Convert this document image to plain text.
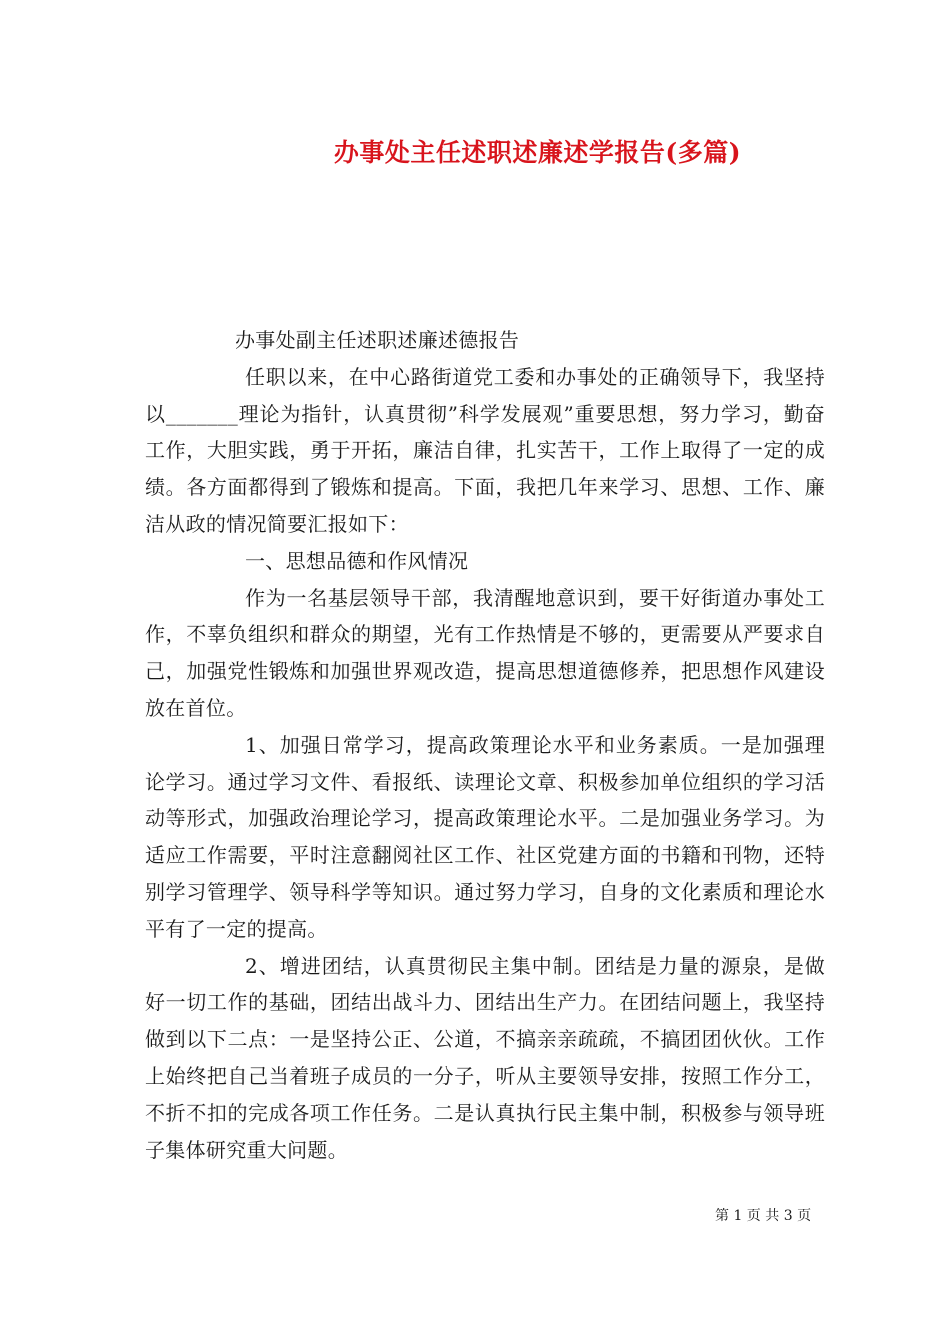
办事处主任述职述廉述学报告(多篇)

办事处副主任述职述廉述德报告

任职以来，在中心路街道党工委和办事处的正确领导下，我坚持以_______理论为指针，认真贯彻”科学发展观”重要思想，努力学习，勤奋工作，大胆实践，勇于开拓，廉洁自律，扎实苦干，工作上取得了一定的成绩。各方面都得到了锻炼和提高。下面，我把几年来学习、思想、工作、廉洁从政的情况简要汇报如下：

一、思想品德和作风情况

作为一名基层领导干部，我清醒地意识到，要干好街道办事处工作，不辜负组织和群众的期望，光有工作热情是不够的，更需要从严要求自己，加强党性锻炼和加强世界观改造，提高思想道德修养，把思想作风建设放在首位。

1、加强日常学习，提高政策理论水平和业务素质。一是加强理论学习。通过学习文件、看报纸、读理论文章、积极参加单位组织的学习活动等形式，加强政治理论学习，提高政策理论水平。二是加强业务学习。为适应工作需要，平时注意翻阅社区工作、社区党建方面的书籍和刊物，还特别学习管理学、领导科学等知识。通过努力学习，自身的文化素质和理论水平有了一定的提高。

2、增进团结，认真贯彻民主集中制。团结是力量的源泉，是做好一切工作的基础，团结出战斗力、团结出生产力。在团结问题上，我坚持做到以下二点：一是坚持公正、公道，不搞亲亲疏疏，不搞团团伙伙。工作上始终把自己当着班子成员的一分子，听从主要领导安排，按照工作分工，不折不扣的完成各项工作任务。二是认真执行民主集中制，积极参与领导班子集体研究重大问题。

第 1 页 共 3 页
